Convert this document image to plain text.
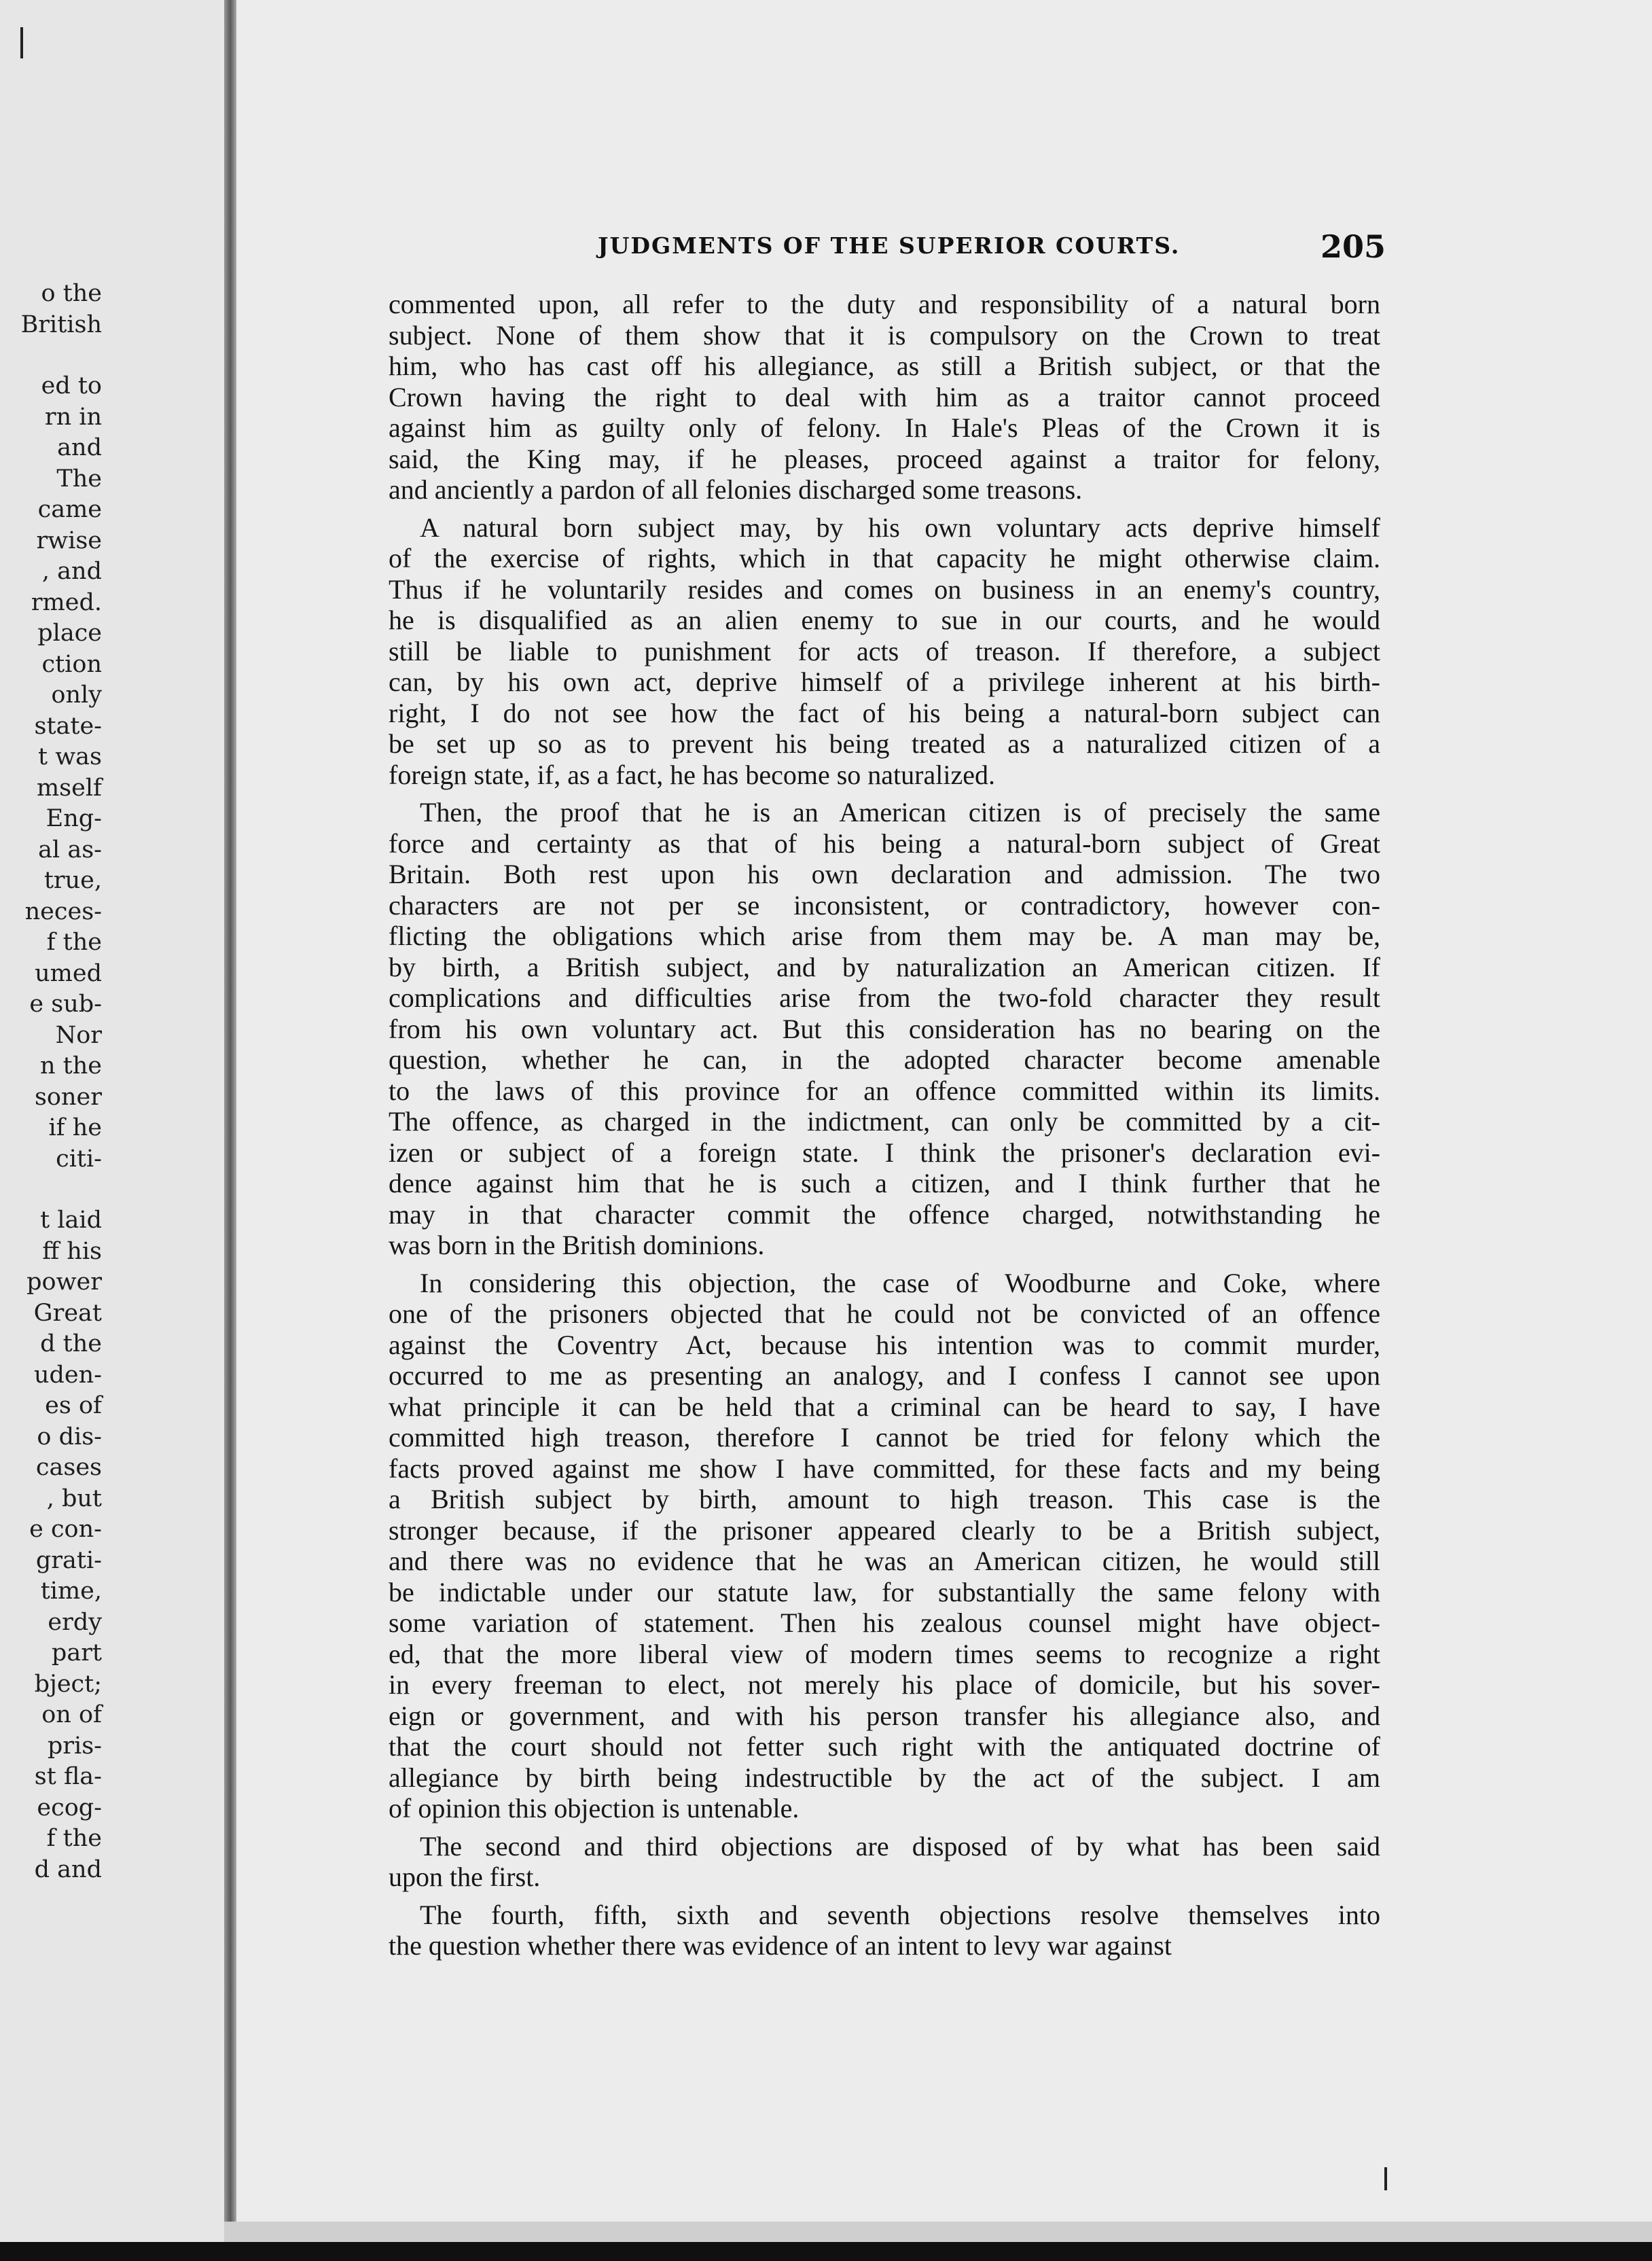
o the
British
ed to
rn in
and
The
came
rwise
, and
rmed.
place
ction
only
state-
t was
mself
Eng-
al as-
true,
neces-
f the
umed
e sub-
Nor
n the
soner
if he
citi-
t laid
ff his
power
Great
d the
uden-
es of
o dis-
cases
, but
e con-
grati-
time,
erdy
part
bject;
on of
pris-
st fla-
ecog-
f the
d and
JUDGMENTS OF THE SUPERIOR COURTS.	205
commented upon, all refer to the duty and responsibility of a natural born
subject. None of them show that it is compulsory on the Crown to treat
him, who has cast off his allegiance, as still a British subject, or that the
Crown having the right to deal with him as a traitor cannot proceed
against him as guilty only of felony. In Hale's Pleas of the Crown it is
said, the King may, if he pleases, proceed against a traitor for felony,
and anciently a pardon of all felonies discharged some treasons.
A natural born subject may, by his own voluntary acts deprive himself
of the exercise of rights, which in that capacity he might otherwise claim.
Thus if he voluntarily resides and comes on business in an enemy's country,
he is disqualified as an alien enemy to sue in our courts, and he would
still be liable to punishment for acts of treason. If therefore, a subject
can, by his own act, deprive himself of a privilege inherent at his birth-
right, I do not see how the fact of his being a natural-born subject can
be set up so as to prevent his being treated as a naturalized citizen of a
foreign state, if, as a fact, he has become so naturalized.
Then, the proof that he is an American citizen is of precisely the same
force and certainty as that of his being a natural-born subject of Great
Britain. Both rest upon his own declaration and admission. The two
characters are not per se inconsistent, or contradictory, however con-
flicting the obligations which arise from them may be. A man may be,
by birth, a British subject, and by naturalization an American citizen. If
complications and difficulties arise from the two-fold character they result
from his own voluntary act. But this consideration has no bearing on the
question, whether he can, in the adopted character become amenable
to the laws of this province for an offence committed within its limits.
The offence, as charged in the indictment, can only be committed by a cit-
izen or subject of a foreign state. I think the prisoner's declaration evi-
dence against him that he is such a citizen, and I think further that he
may in that character commit the offence charged, notwithstanding he
was born in the British dominions.
In considering this objection, the case of Woodburne and Coke, where
one of the prisoners objected that he could not be convicted of an offence
against the Coventry Act, because his intention was to commit murder,
occurred to me as presenting an analogy, and I confess I cannot see upon
what principle it can be held that a criminal can be heard to say, I have
committed high treason, therefore I cannot be tried for felony which the
facts proved against me show I have committed, for these facts and my being
a British subject by birth, amount to high treason. This case is the
stronger because, if the prisoner appeared clearly to be a British subject,
and there was no evidence that he was an American citizen, he would still
be indictable under our statute law, for substantially the same felony with
some variation of statement. Then his zealous counsel might have object-
ed, that the more liberal view of modern times seems to recognize a right
in every freeman to elect, not merely his place of domicile, but his sover-
eign or government, and with his person transfer his allegiance also, and
that the court should not fetter such right with the antiquated doctrine of
allegiance by birth being indestructible by the act of the subject. I am
of opinion this objection is untenable.
The second and third objections are disposed of by what has been said
upon the first.
The fourth, fifth, sixth and seventh objections resolve themselves into
the question whether there was evidence of an intent to levy war against
